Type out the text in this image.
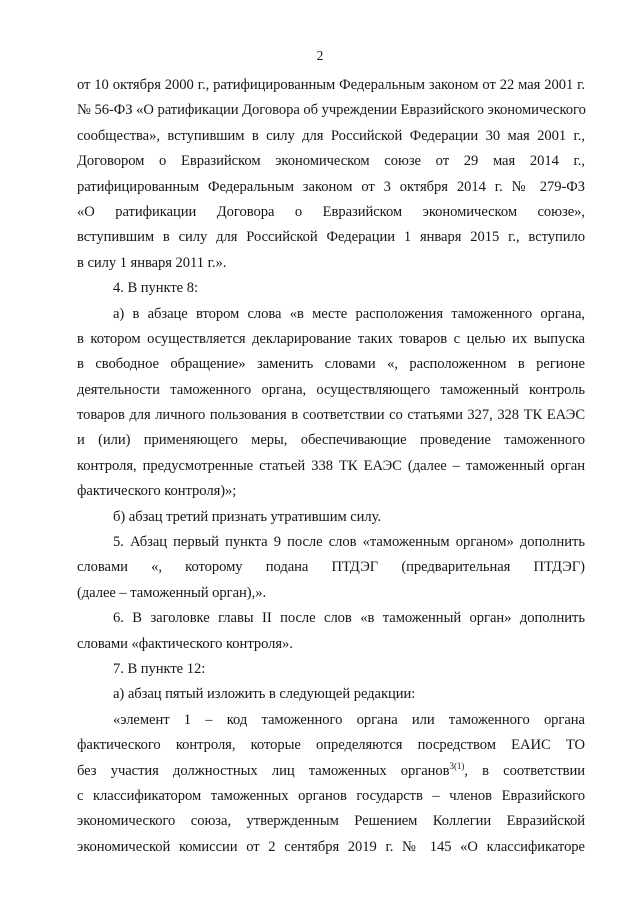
2
от 10 октября 2000 г., ратифицированным Федеральным законом от 22 мая 2001 г.
№ 56-ФЗ «О ратификации Договора об учреждении Евразийского экономического
сообщества», вступившим в силу для Российской Федерации 30 мая 2001 г.,
Договором о Евразийском экономическом союзе от 29 мая 2014 г.,
ратифицированным Федеральным законом от 3 октября 2014 г. № 279-ФЗ
«О ратификации Договора о Евразийском экономическом союзе»,
вступившим в силу для Российской Федерации 1 января 2015 г., вступило
в силу 1 января 2011 г.».
4. В пункте 8:
а) в абзаце втором слова «в месте расположения таможенного органа,
в котором осуществляется декларирование таких товаров с целью их выпуска
в свободное обращение» заменить словами «, расположенном в регионе
деятельности таможенного органа, осуществляющего таможенный контроль
товаров для личного пользования в соответствии со статьями 327, 328 ТК ЕАЭС
и (или) применяющего меры, обеспечивающие проведение таможенного
контроля, предусмотренные статьей 338 ТК ЕАЭС (далее – таможенный орган
фактического контроля)»;
б) абзац третий признать утратившим силу.
5. Абзац первый пункта 9 после слов «таможенным органом» дополнить
словами «, которому подана ПТДЭГ (предварительная ПТДЭГ)
(далее – таможенный орган),».
6. В заголовке главы II после слов «в таможенный орган» дополнить
словами «фактического контроля».
7. В пункте 12:
а) абзац пятый изложить в следующей редакции:
«элемент 1 – код таможенного органа или таможенного органа
фактического контроля, которые определяются посредством ЕАИС ТО
без участия должностных лиц таможенных органов$^{3(1)}$, в соответствии
с классификатором таможенных органов государств – членов Евразийского
экономического союза, утвержденным Решением Коллегии Евразийской
экономической комиссии от 2 сентября 2019 г. № 145 «О классификаторе
